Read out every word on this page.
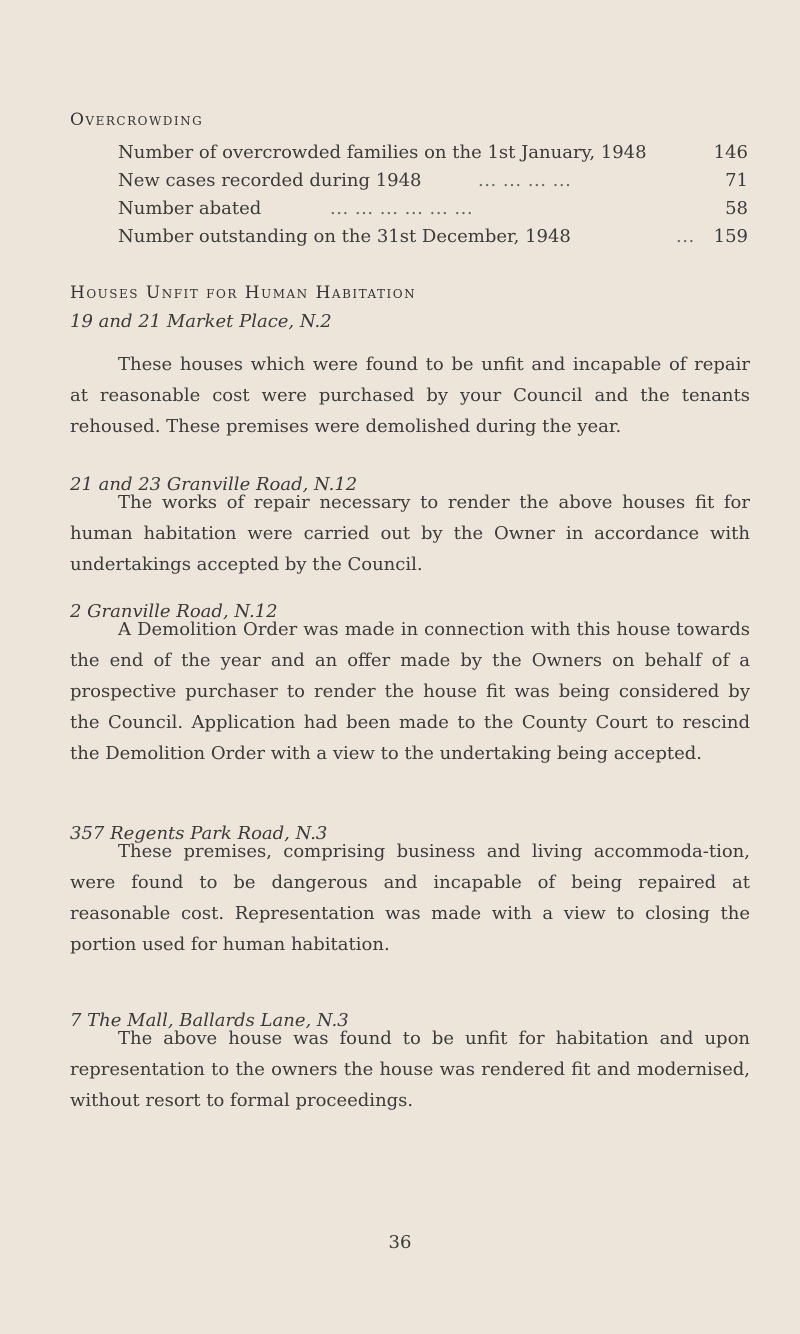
Overcrowding
Number of overcrowded families on the 1st January, 1948	146
New cases recorded during 1948	... ... ... ...	71
Number abated	... ... ... ... ... ...	58
Number outstanding on the 31st December, 1948	... 159
Houses Unfit for Human Habitation
19 and 21 Market Place, N.2

These houses which were found to be unfit and incapable of repair at reasonable cost were purchased by your Council and the tenants rehoused. These premises were demolished during the year.

21 and 23 Granville Road, N.12

The works of repair necessary to render the above houses fit for human habitation were carried out by the Owner in accordance with undertakings accepted by the Council.

2 Granville Road, N.12

A Demolition Order was made in connection with this house towards the end of the year and an offer made by the Owners on behalf of a prospective purchaser to render the house fit was being considered by the Council. Application had been made to the County Court to rescind the Demolition Order with a view to the undertaking being accepted.

357 Regents Park Road, N.3

These premises, comprising business and living accommoda-tion, were found to be dangerous and incapable of being repaired at reasonable cost. Representation was made with a view to closing the portion used for human habitation.

7 The Mall, Ballards Lane, N.3

The above house was found to be unfit for habitation and upon representation to the owners the house was rendered fit and modernised, without resort to formal proceedings.

36
